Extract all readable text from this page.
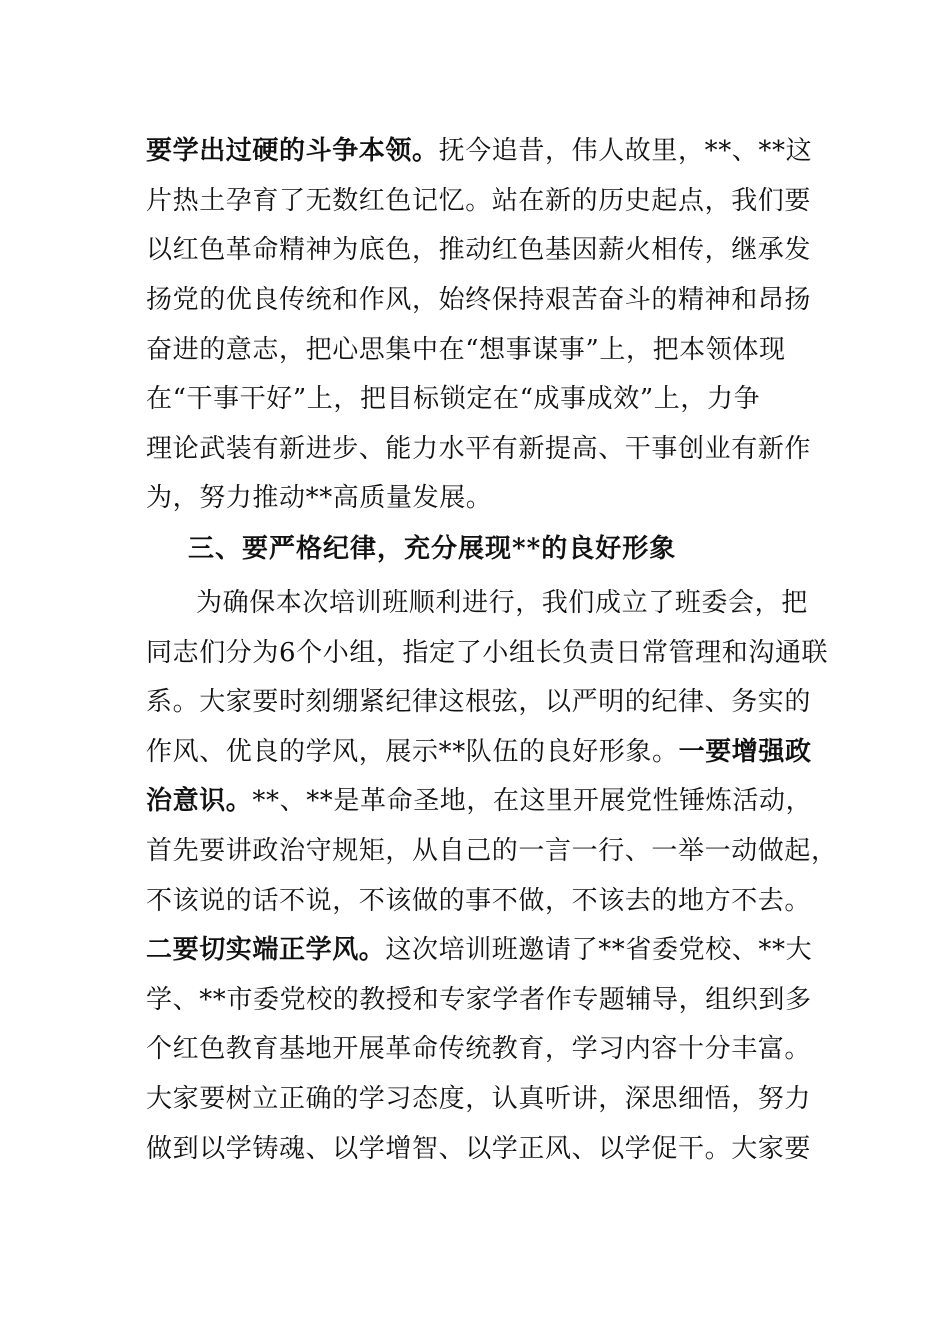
要学出过硬的斗争本领。抚今追昔，伟人故里，**、**这
片热土孕育了无数红色记忆。站在新的历史起点，我们要
以红色革命精神为底色，推动红色基因薪火相传，继承发
扬党的优良传统和作风，始终保持艰苦奋斗的精神和昂扬
奋进的意志，把心思集中在“想事谋事”上，把本领体现
在“干事干好”上，把目标锁定在“成事成效”上，力争
理论武装有新进步、能力水平有新提高、干事创业有新作
为，努力推动**高质量发展。
三、要严格纪律，充分展现**的良好形象
为确保本次培训班顺利进行，我们成立了班委会，把
同志们分为6个小组，指定了小组长负责日常管理和沟通联
系。大家要时刻绷紧纪律这根弦，以严明的纪律、务实的
作风、优良的学风，展示**队伍的良好形象。一要增强政
治意识。**、**是革命圣地，在这里开展党性锤炼活动，
首先要讲政治守规矩，从自己的一言一行、一举一动做起，
不该说的话不说，不该做的事不做，不该去的地方不去。
二要切实端正学风。这次培训班邀请了**省委党校、**大
学、**市委党校的教授和专家学者作专题辅导，组织到多
个红色教育基地开展革命传统教育，学习内容十分丰富。
大家要树立正确的学习态度，认真听讲，深思细悟，努力
做到以学铸魂、以学增智、以学正风、以学促干。大家要
